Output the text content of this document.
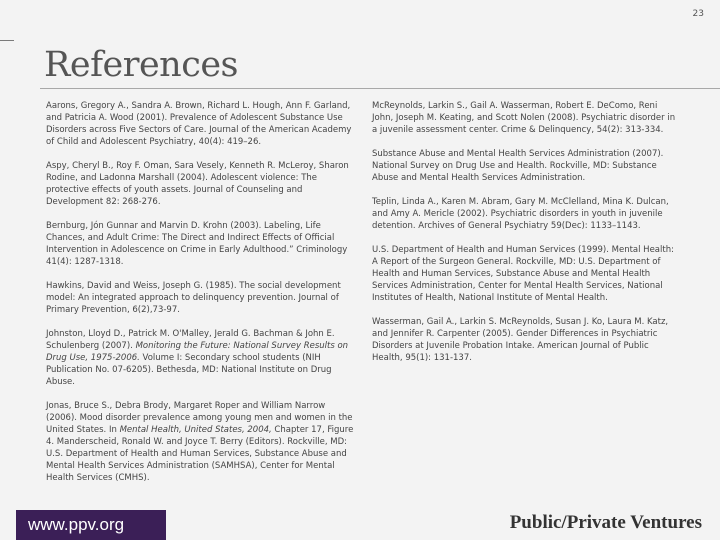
23
References

Aarons, Gregory A., Sandra A. Brown, Richard L. Hough, Ann F. Garland, and Patricia A. Wood (2001). Prevalence of Adolescent Substance Use Disorders across Five Sectors of Care. Journal of the American Academy of Child and Adolescent Psychiatry, 40(4): 419–26.

Aspy, Cheryl B., Roy F. Oman, Sara Vesely, Kenneth R. McLeroy, Sharon Rodine, and Ladonna Marshall (2004). Adolescent violence: The protective effects of youth assets. Journal of Counseling and Development 82: 268-276.

Bernburg, Jón Gunnar and Marvin D. Krohn (2003). Labeling, Life Chances, and Adult Crime: The Direct and Indirect Effects of Official Intervention in Adolescence on Crime in Early Adulthood.” Criminology 41(4): 1287-1318.

Hawkins, David and Weiss, Joseph G. (1985). The social development model: An integrated approach to delinquency prevention. Journal of Primary Prevention, 6(2),73-97.

Johnston, Lloyd D., Patrick M. O'Malley, Jerald G. Bachman & John E. Schulenberg (2007). Monitoring the Future: National Survey Results on Drug Use, 1975-2006. Volume I: Secondary school students (NIH Publication No. 07-6205). Bethesda, MD: National Institute on Drug Abuse.

Jonas, Bruce S., Debra Brody, Margaret Roper and William Narrow (2006). Mood disorder prevalence among young men and women in the United States. In Mental Health, United States, 2004, Chapter 17, Figure 4. Manderscheid, Ronald W. and Joyce T. Berry (Editors). Rockville, MD: U.S. Department of Health and Human Services, Substance Abuse and Mental Health Services Administration (SAMHSA), Center for Mental Health Services (CMHS).

McReynolds, Larkin S., Gail A. Wasserman, Robert E. DeComo, Reni John, Joseph M. Keating, and Scott Nolen (2008). Psychiatric disorder in a juvenile assessment center. Crime & Delinquency, 54(2): 313-334.

Substance Abuse and Mental Health Services Administration (2007). National Survey on Drug Use and Health. Rockville, MD: Substance Abuse and Mental Health Services Administration.

Teplin, Linda A., Karen M. Abram, Gary M. McClelland, Mina K. Dulcan, and Amy A. Mericle (2002). Psychiatric disorders in youth in juvenile detention. Archives of General Psychiatry 59(Dec): 1133–1143.

U.S. Department of Health and Human Services (1999). Mental Health: A Report of the Surgeon General. Rockville, MD: U.S. Department of Health and Human Services, Substance Abuse and Mental Health Services Administration, Center for Mental Health Services, National Institutes of Health, National Institute of Mental Health.

Wasserman, Gail A., Larkin S. McReynolds, Susan J. Ko, Laura M. Katz, and Jennifer R. Carpenter (2005). Gender Differences in Psychiatric Disorders at Juvenile Probation Intake. American Journal of Public Health, 95(1): 131-137.

www.ppv.org	Public/Private Ventures
